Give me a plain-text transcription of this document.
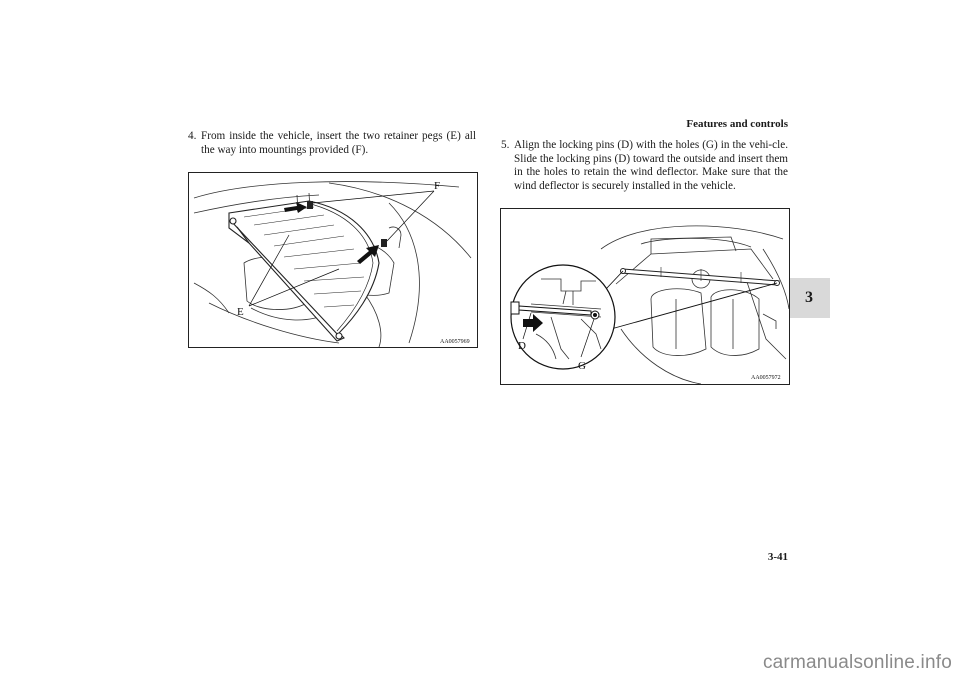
Features and controls
3
4. From inside the vehicle, insert the two retainer pegs (E) all the way into mountings provided (F).
F
E
AA0057969
5. Align the locking pins (D) with the holes (G) in the vehi-cle. Slide the locking pins (D) toward the outside and insert them in the holes to retain the wind deflector. Make sure that the wind deflector is securely installed in the vehicle.
D
G
AA0057972
3-41
carmanualsonline.info
